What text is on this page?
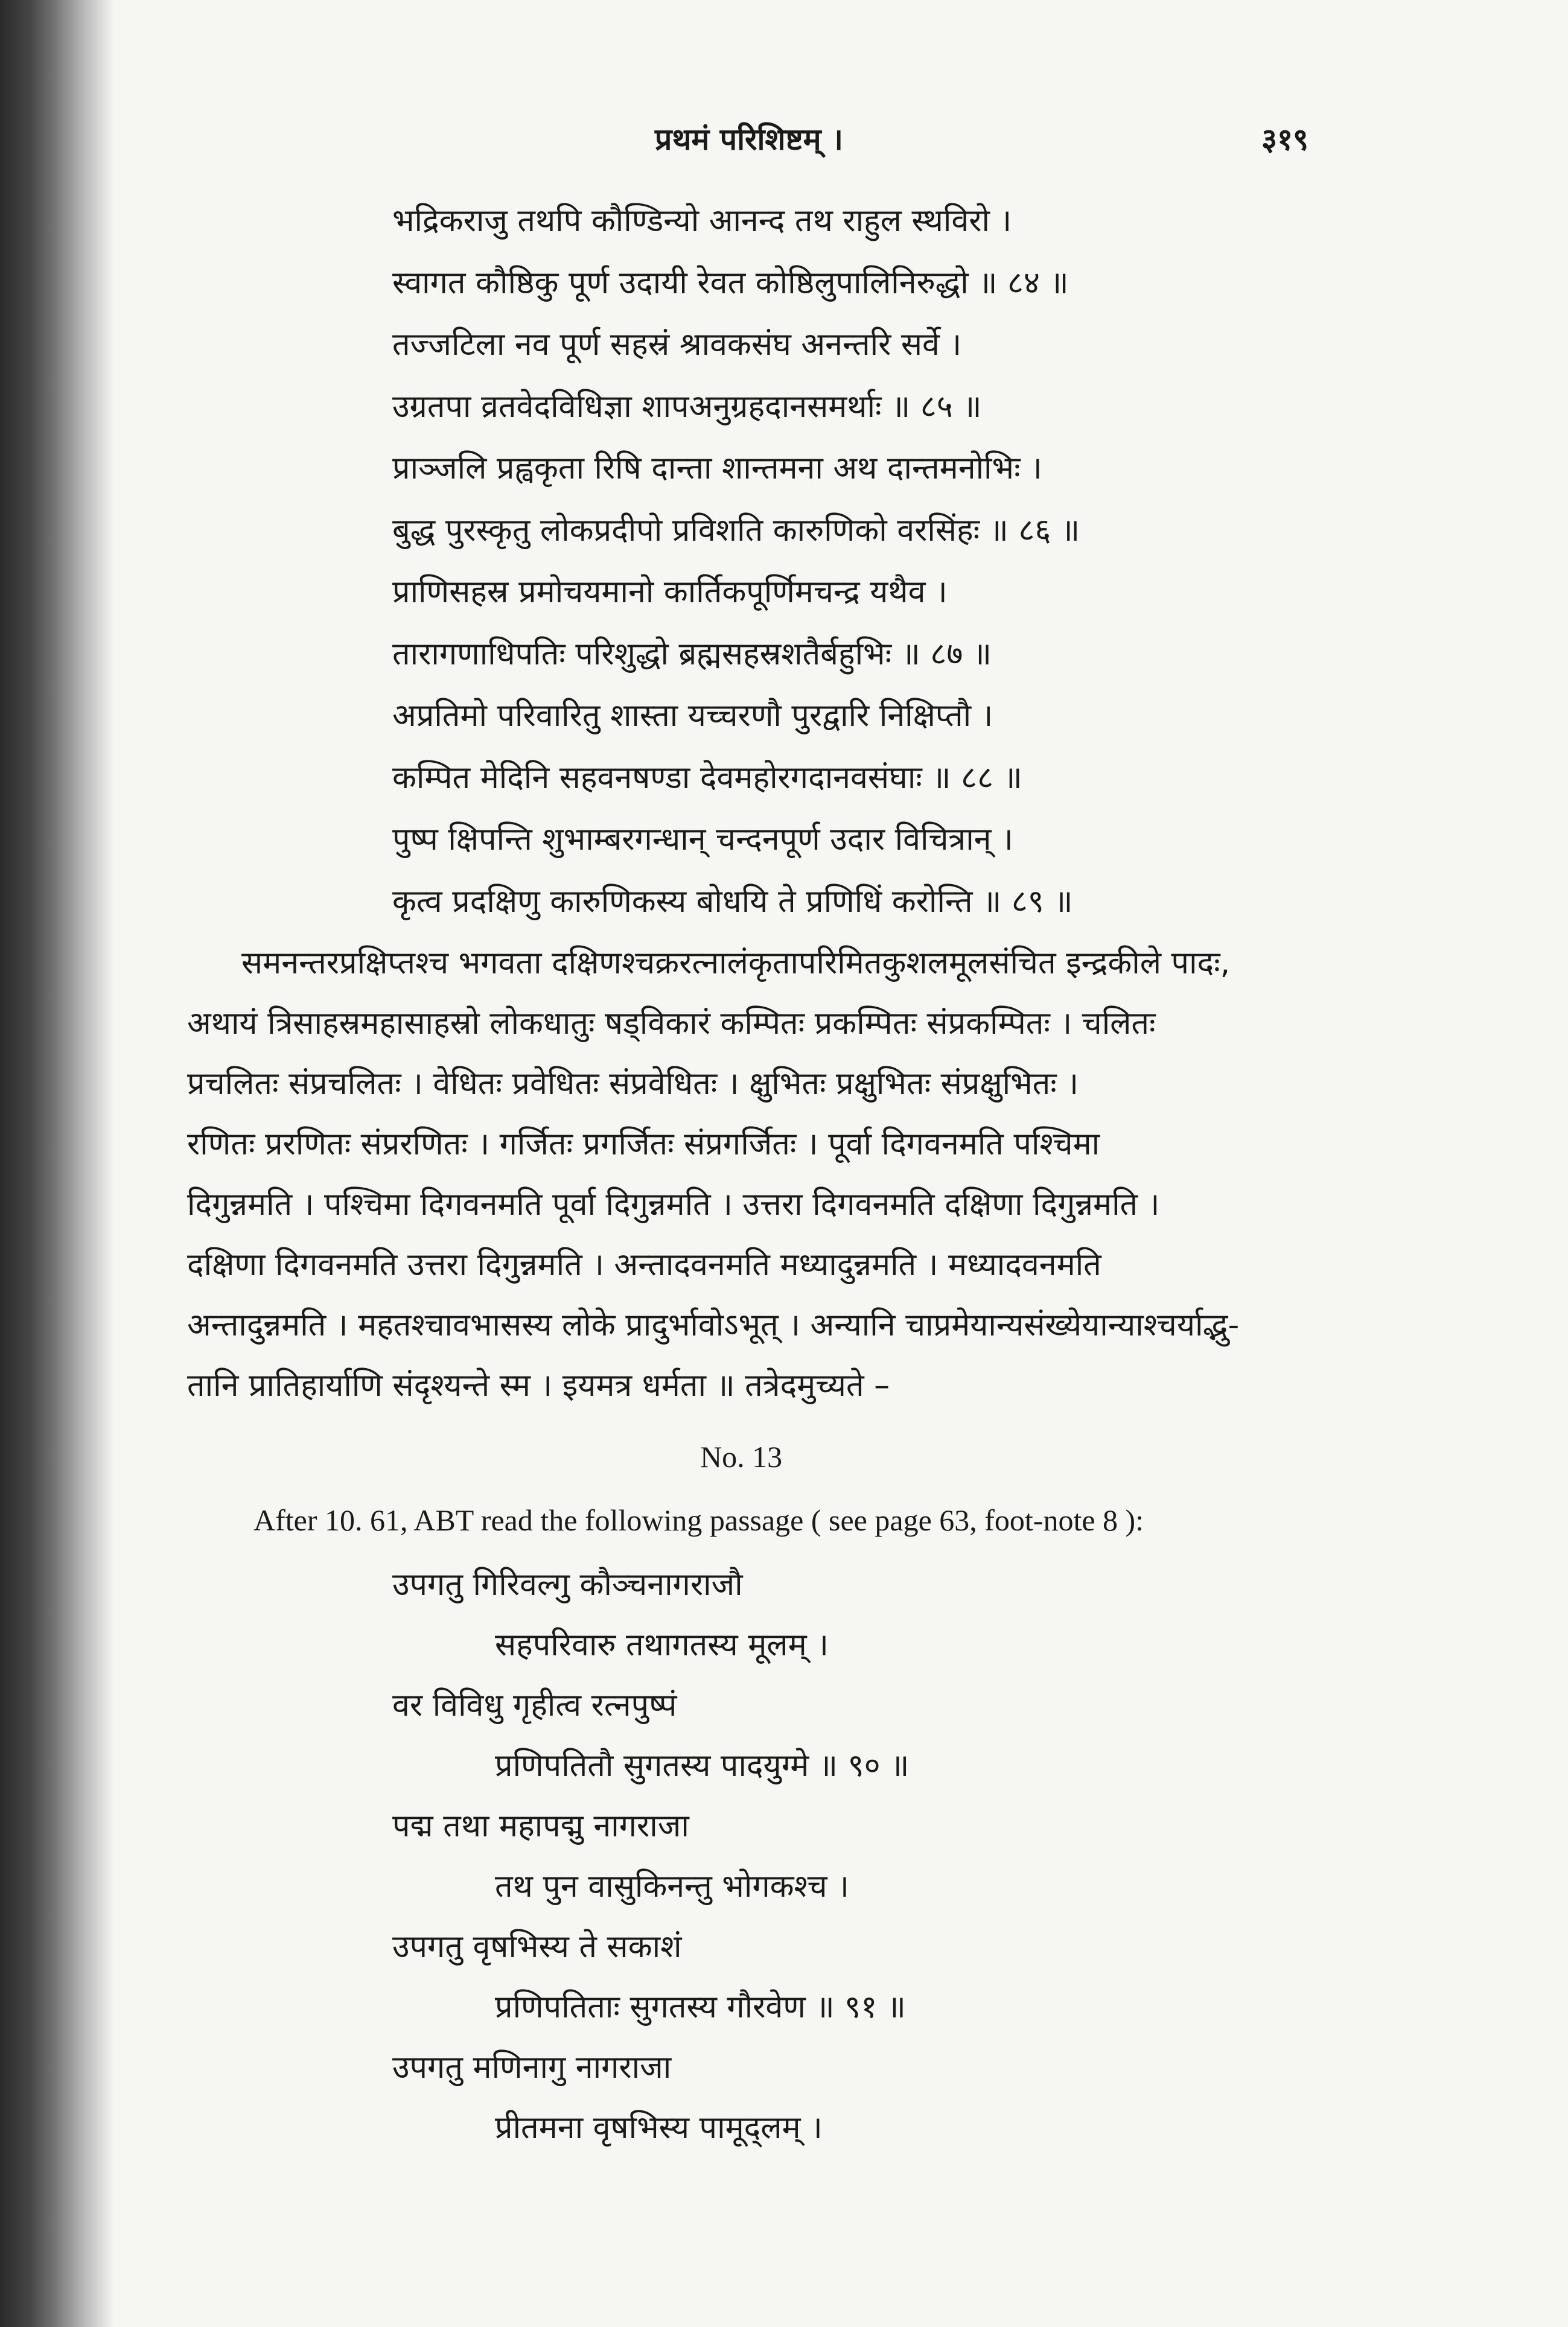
प्रथमं परिशिष्टम् ।	३१९
भद्रिकराजु तथपि कौण्डिन्यो आनन्द तथ राहुल स्थविरो ।
स्वागत कौष्ठिकु पूर्ण उदायी रेवत कोष्ठिलुपालिनिरुद्धो ॥ ८४ ॥
तज्जटिला नव पूर्ण सहस्रं श्रावकसंघ अनन्तरि सर्वे ।
उग्रतपा व्रतवेदविधिज्ञा शापअनुग्रहदानसमर्थाः ॥ ८५ ॥
प्राञ्जलि प्रह्वकृता रिषि दान्ता शान्तमना अथ दान्तमनोभिः ।
बुद्ध पुरस्कृतु लोकप्रदीपो प्रविशति कारुणिको वरसिंहः ॥ ८६ ॥
प्राणिसहस्र प्रमोचयमानो कार्तिकपूर्णिमचन्द्र यथैव ।
तारागणाधिपतिः परिशुद्धो ब्रह्मसहस्रशतैर्बहुभिः ॥ ८७ ॥
अप्रतिमो परिवारितु शास्ता यच्चरणौ पुरद्वारि निक्षिप्तौ ।
कम्पित मेदिनि सहवनषण्डा देवमहोरगदानवसंघाः ॥ ८८ ॥
पुष्प क्षिपन्ति शुभाम्बरगन्धान् चन्दनपूर्ण उदार विचित्रान् ।
कृत्व प्रदक्षिणु कारुणिकस्य बोधयि ते प्रणिधिं करोन्ति ॥ ८९ ॥
समनन्तरप्रक्षिप्तश्च भगवता दक्षिणश्चक्ररत्नालंकृतापरिमितकुशलमूलसंचित इन्द्रकीले पादः,
अथायं त्रिसाहस्रमहासाहस्रो लोकधातुः षड्विकारं कम्पितः प्रकम्पितः संप्रकम्पितः । चलितः
प्रचलितः संप्रचलितः । वेधितः प्रवेधितः संप्रवेधितः । क्षुभितः प्रक्षुभितः संप्रक्षुभितः ।
रणितः प्ररणितः संप्ररणितः । गर्जितः प्रगर्जितः संप्रगर्जितः । पूर्वा दिगवनमति पश्चिमा
दिगुन्नमति । पश्चिमा दिगवनमति पूर्वा दिगुन्नमति । उत्तरा दिगवनमति दक्षिणा दिगुन्नमति ।
दक्षिणा दिगवनमति उत्तरा दिगुन्नमति । अन्तादवनमति मध्यादुन्नमति । मध्यादवनमति
अन्तादुन्नमति । महतश्चावभासस्य लोके प्रादुर्भावोऽभूत् । अन्यानि चाप्रमेयान्यसंख्येयान्याश्चर्याद्भु-
तानि प्रातिहार्याणि संदृश्यन्ते स्म । इयमत्र धर्मता ॥ तत्रेदमुच्यते –
No. 13
After 10. 61, ABT read the following passage ( see page 63, foot-note 8 ):
उपगतु गिरिवल्गु कौञ्चनागराजौ
सहपरिवारु तथागतस्य मूलम् ।
वर विविधु गृहीत्व रत्नपुष्पं
प्रणिपतितौ सुगतस्य पादयुग्मे ॥ ९० ॥
पद्म तथा महापद्मु नागराजा
तथ पुन वासुकिनन्तु भोगकश्च ।
उपगतु वृषभिस्य ते सकाशं
प्रणिपतिताः सुगतस्य गौरवेण ॥ ९१ ॥
उपगतु मणिनागु नागराजा
प्रीतमना वृषभिस्य पामूद्लम् ।
